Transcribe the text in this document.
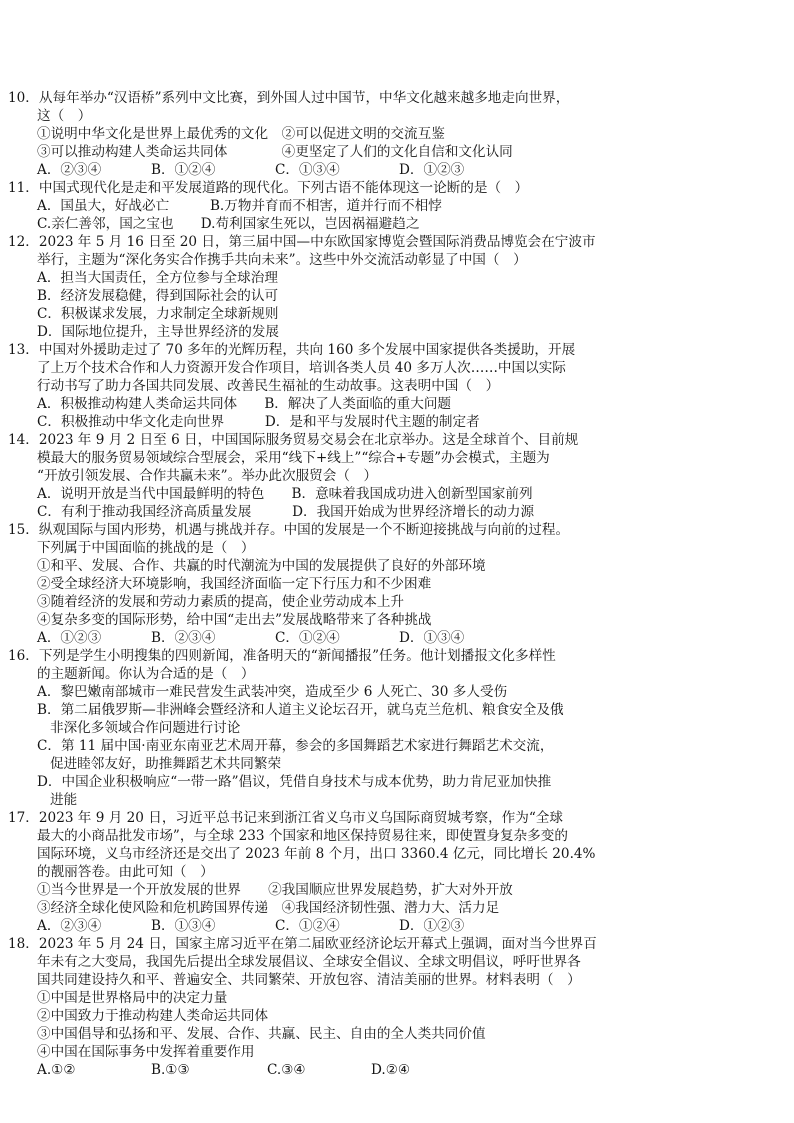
10．从每年举办“汉语桥”系列中文比赛，到外国人过中国节，中华文化越来越多地走向世界，
这（　）
①说明中华文化是世界上最优秀的文化　②可以促进文明的交流互鉴
③可以推动构建人类命运共同体　　　　④更坚定了人们的文化自信和文化认同
A．②③④	B．①②④	C．①③④	D．①②③
11．中国式现代化是走和平发展道路的现代化。下列古语不能体现这一论断的是（　）
A．国虽大，好战必亡　　　B.万物并育而不相害，道并行而不相悖
C.亲仁善邻，国之宝也　　D.苟利国家生死以，岂因祸福避趋之
12．2023 年 5 月 16 日至 20 日，第三届中国—中东欧国家博览会暨国际消费品博览会在宁波市
举行，主题为“深化务实合作携手共向未来”。这些中外交流活动彰显了中国（　）
A．担当大国责任，全方位参与全球治理
B．经济发展稳健，得到国际社会的认可
C．积极谋求发展，力求制定全球新规则
D．国际地位提升，主导世界经济的发展
13．中国对外援助走过了 70 多年的光辉历程，共向 160 多个发展中国家提供各类援助，开展
了上万个技术合作和人力资源开发合作项目，培训各类人员 40 多万人次……中国以实际
行动书写了助力各国共同发展、改善民生福祉的生动故事。这表明中国（　）
A．积极推动构建人类命运共同体　　B．解决了人类面临的重大问题
C．积极推动中华文化走向世界　　　D．是和平与发展时代主题的制定者
14．2023 年 9 月 2 日至 6 日，中国国际服务贸易交易会在北京举办。这是全球首个、目前规
模最大的服务贸易领域综合型展会，采用“线下+线上”“综合+专题”办会模式，主题为
“开放引领发展、合作共赢未来”。举办此次服贸会（　）
A．说明开放是当代中国最鲜明的特色　　B．意味着我国成功进入创新型国家前列
C．有利于推动我国经济高质量发展　　　D．我国开始成为世界经济增长的动力源
15．纵观国际与国内形势，机遇与挑战并存。中国的发展是一个不断迎接挑战与向前的过程。
下列属于中国面临的挑战的是（　）
①和平、发展、合作、共赢的时代潮流为中国的发展提供了良好的外部环境
②受全球经济大环境影响，我国经济面临一定下行压力和不少困难
③随着经济的发展和劳动力素质的提高，使企业劳动成本上升
④复杂多变的国际形势，给中国“走出去”发展战略带来了各种挑战
A．①②③	B．②③④	C．①②④	D．①③④
16．下列是学生小明搜集的四则新闻，准备明天的“新闻播报”任务。他计划播报文化多样性
的主题新闻。你认为合适的是（　）
A．黎巴嫩南部城市一难民营发生武装冲突，造成至少 6 人死亡、30 多人受伤
B．第二届俄罗斯—非洲峰会暨经济和人道主义论坛召开，就乌克兰危机、粮食安全及俄
非深化多领域合作问题进行讨论
C．第 11 届中国·南亚东南亚艺术周开幕，参会的多国舞蹈艺术家进行舞蹈艺术交流，
促进睦邻友好，助推舞蹈艺术共同繁荣
D．中国企业积极响应“一带一路”倡议，凭借自身技术与成本优势，助力肯尼亚加快推
进能
17．2023 年 9 月 20 日，习近平总书记来到浙江省义乌市义乌国际商贸城考察，作为“全球
最大的小商品批发市场”，与全球 233 个国家和地区保持贸易往来，即使置身复杂多变的
国际环境，义乌市经济还是交出了 2023 年前 8 个月，出口 3360.4 亿元，同比增长 20.4%
的靓丽答卷。由此可知（　）
①当今世界是一个开放发展的世界　　②我国顺应世界发展趋势，扩大对外开放
③经济全球化使风险和危机跨国界传递　④我国经济韧性强、潜力大、活力足
A．②③④	B．①③④	C．①②④	D．①②③
18．2023 年 5 月 24 日，国家主席习近平在第二届欧亚经济论坛开幕式上强调，面对当今世界百
年未有之大变局，我国先后提出全球发展倡议、全球安全倡议、全球文明倡议，呼吁世界各
国共同建设持久和平、普遍安全、共同繁荣、开放包容、清洁美丽的世界。材料表明（　）
①中国是世界格局中的决定力量
②中国致力于推动构建人类命运共同体
③中国倡导和弘扬和平、发展、合作、共赢、民主、自由的全人类共同价值
④中国在国际事务中发挥着重要作用
A.①②	B.①③	C.③④	D.②④
